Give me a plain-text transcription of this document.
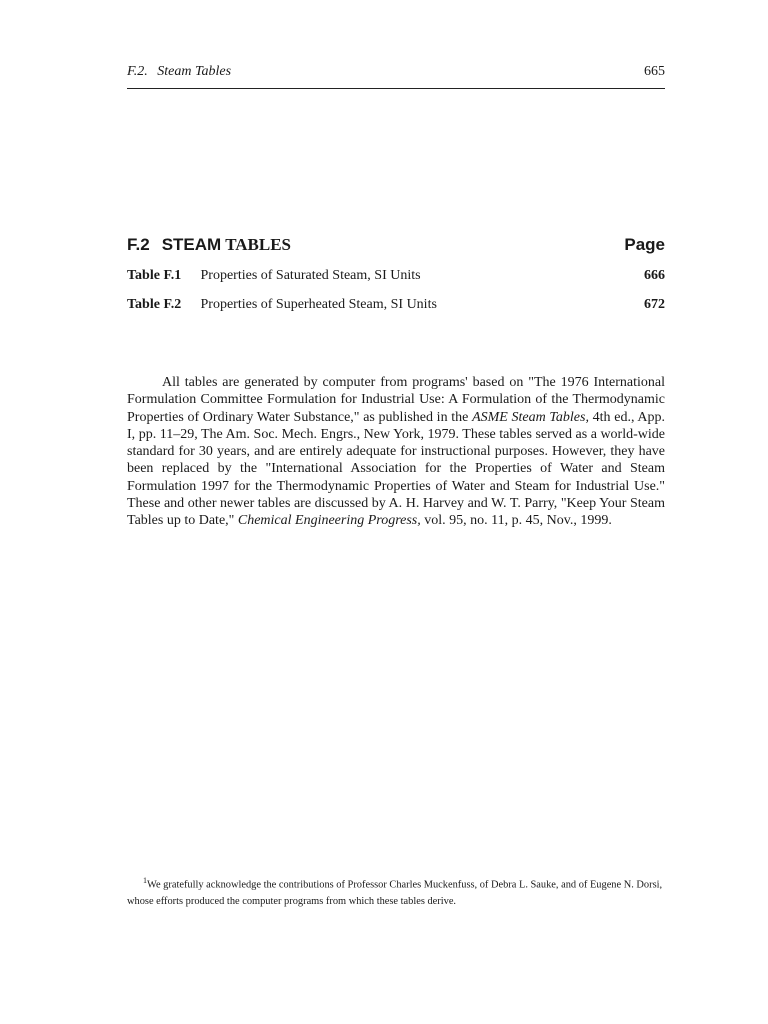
F.2. Steam Tables	665
F.2 STEAM TABLES	Page
Table F.1 Properties of Saturated Steam, SI Units	666
Table F.2 Properties of Superheated Steam, SI Units	672

All tables are generated by computer from programs' based on "The 1976 International Formulation Committee Formulation for Industrial Use: A Formulation of the Thermodynamic Properties of Ordinary Water Substance," as published in the ASME Steam Tables, 4th ed., App. I, pp. 11–29, The Am. Soc. Mech. Engrs., New York, 1979. These tables served as a world-wide standard for 30 years, and are entirely adequate for instructional purposes. However, they have been replaced by the "International Association for the Properties of Water and Steam Formulation 1997 for the Thermodynamic Properties of Water and Steam for Industrial Use." These and other newer tables are discussed by A. H. Harvey and W. T. Parry, "Keep Your Steam Tables up to Date," Chemical Engineering Progress, vol. 95, no. 11, p. 45, Nov., 1999.

$^1$We gratefully acknowledge the contributions of Professor Charles Muckenfuss, of Debra L. Sauke, and of Eugene N. Dorsi, whose efforts produced the computer programs from which these tables derive.
